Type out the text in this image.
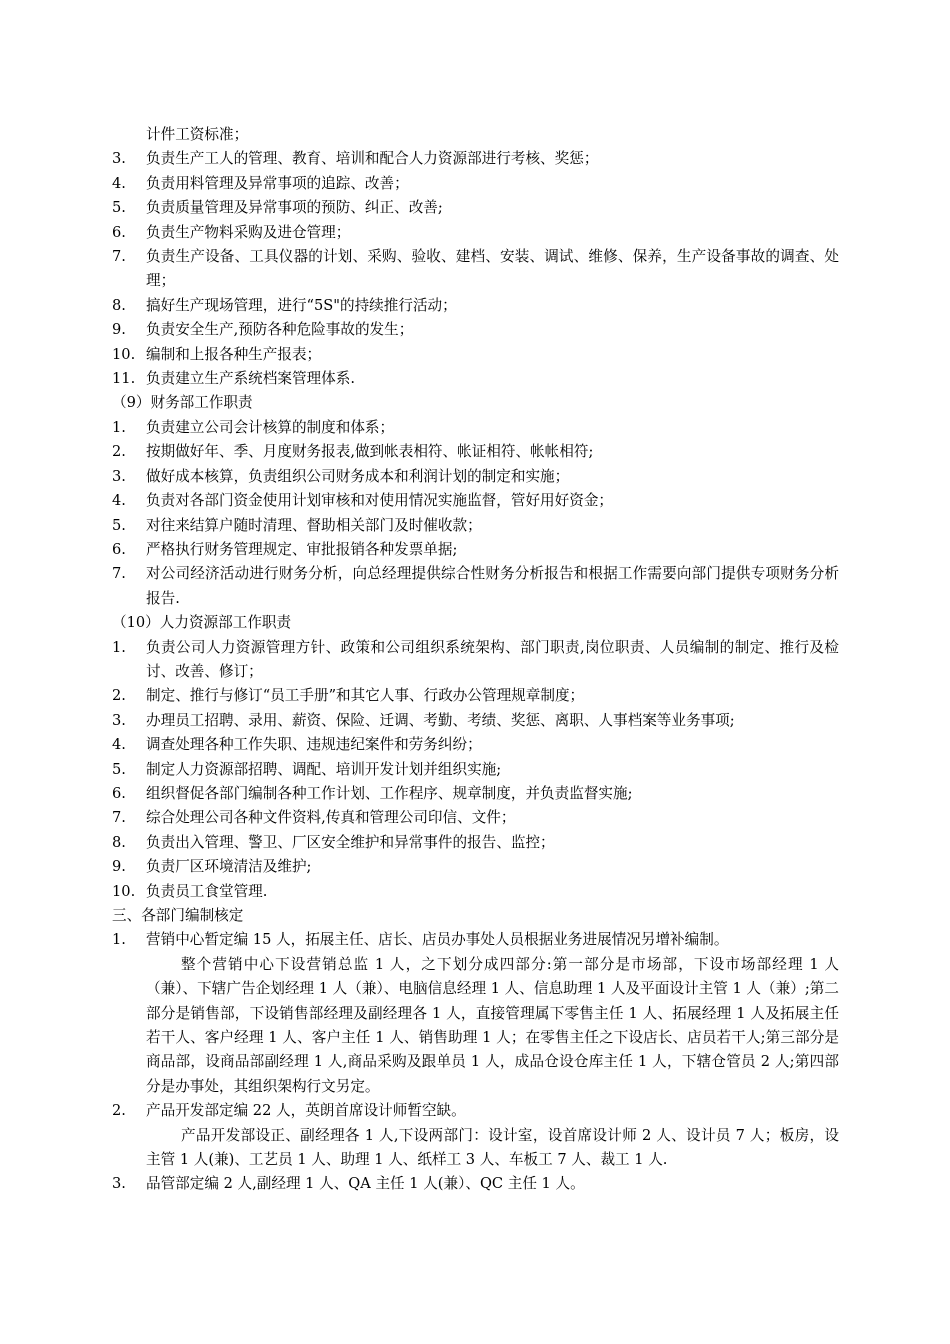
计件工资标准；
3.	负责生产工人的管理、教育、培训和配合人力资源部进行考核、奖惩；
4.	负责用料管理及异常事项的追踪、改善；
5.	负责质量管理及异常事项的预防、纠正、改善;
6.	负责生产物料采购及进仓管理；
7.	负责生产设备、工具仪器的计划、采购、验收、建档、安装、调试、维修、保养，生产设备事故的调查、处理；
8.	搞好生产现场管理，进行“5S"的持续推行活动；
9.	负责安全生产,预防各种危险事故的发生；
10. 编制和上报各种生产报表；
11. 负责建立生产系统档案管理体系.
（9）财务部工作职责
1.	负责建立公司会计核算的制度和体系；
2.	按期做好年、季、月度财务报表,做到帐表相符、帐证相符、帐帐相符;
3.	做好成本核算，负责组织公司财务成本和利润计划的制定和实施；
4.	负责对各部门资金使用计划审核和对使用情况实施监督，管好用好资金；
5.	对往来结算户随时清理、督助相关部门及时催收款；
6.	严格执行财务管理规定、审批报销各种发票单据;
7.	对公司经济活动进行财务分析，向总经理提供综合性财务分析报告和根据工作需要向部门提供专项财务分析报告.
（10）人力资源部工作职责
1.	负责公司人力资源管理方针、政策和公司组织系统架构、部门职责,岗位职责、人员编制的制定、推行及检讨、改善、修订；
2.	制定、推行与修订“员工手册”和其它人事、行政办公管理规章制度；
3.	办理员工招聘、录用、薪资、保险、迁调、考勤、考绩、奖惩、离职、人事档案等业务事项;
4.	调查处理各种工作失职、违规违纪案件和劳务纠纷；
5.	制定人力资源部招聘、调配、培训开发计划并组织实施;
6.	组织督促各部门编制各种工作计划、工作程序、规章制度，并负责监督实施;
7.	综合处理公司各种文件资料,传真和管理公司印信、文件；
8.	负责出入管理、警卫、厂区安全维护和异常事件的报告、监控；
9.	负责厂区环境清洁及维护;
10. 负责员工食堂管理.
三、各部门编制核定
1.	营销中心暂定编 15 人，拓展主任、店长、店员办事处人员根据业务进展情况另增补编制。
整个营销中心下设营销总监 1 人，之下划分成四部分:第一部分是市场部，下设市场部经理 1 人（兼）、下辖广告企划经理 1 人（兼）、电脑信息经理 1 人、信息助理 1 人及平面设计主管 1 人（兼）;第二部分是销售部，下设销售部经理及副经理各 1 人，直接管理属下零售主任 1 人、拓展经理 1 人及拓展主任若干人、客户经理 1 人、客户主任 1 人、销售助理 1 人；在零售主任之下设店长、店员若干人;第三部分是商品部，设商品部副经理 1 人,商品采购及跟单员 1 人，成品仓设仓库主任 1 人，下辖仓管员 2 人;第四部分是办事处，其组织架构行文另定。
2.	产品开发部定编 22 人，英朗首席设计师暂空缺。
产品开发部设正、副经理各 1 人,下设两部门：设计室，设首席设计师 2 人、设计员 7 人；板房，设主管 1 人(兼)、工艺员 1 人、助理 1 人、纸样工 3 人、车板工 7 人、裁工 1 人.
3.	品管部定编 2 人,副经理 1 人、QA 主任 1 人(兼）、QC 主任 1 人。
